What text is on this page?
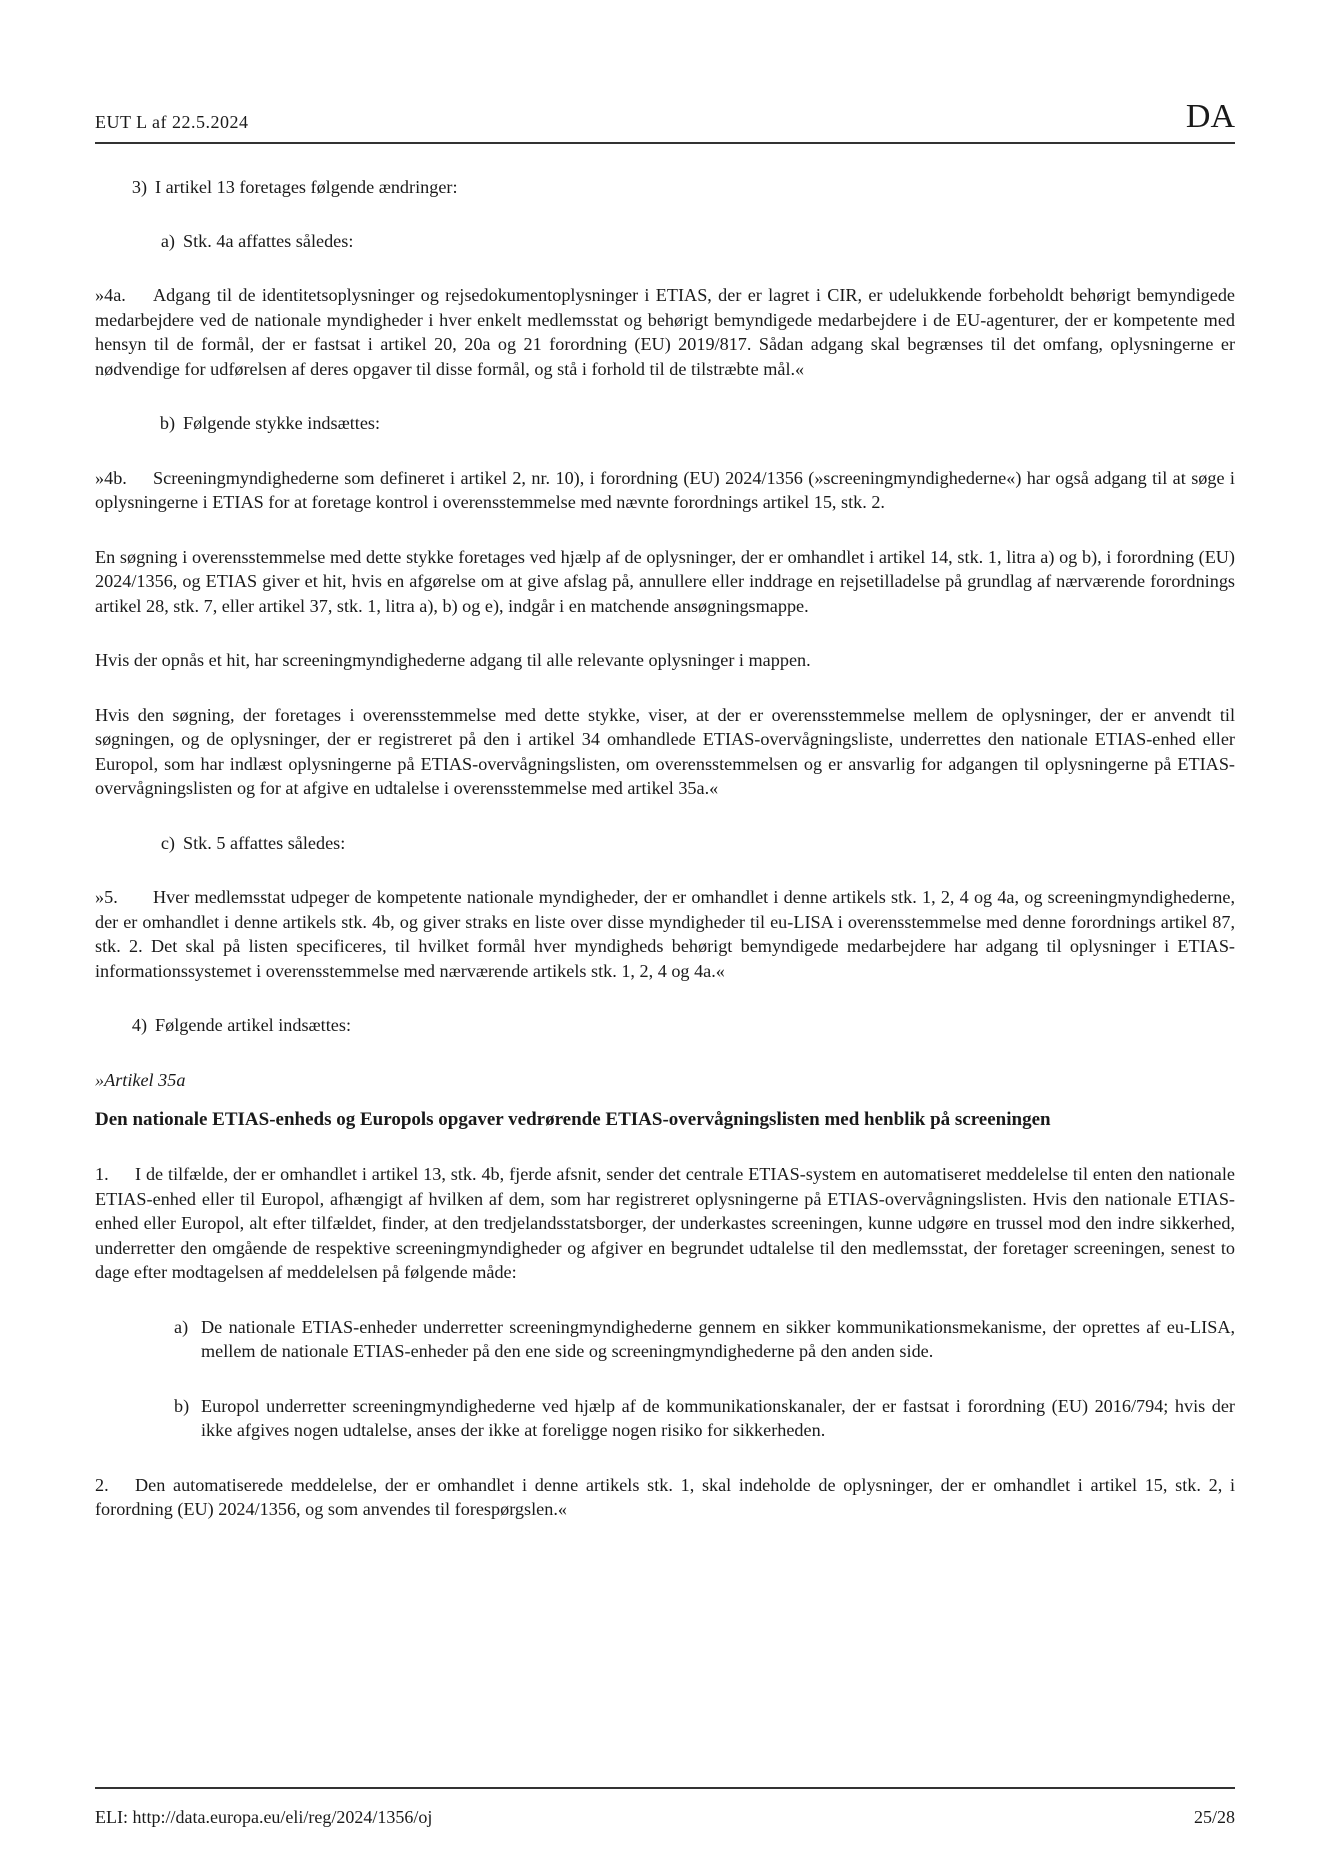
EUT L af 22.5.2024	DA
3) I artikel 13 foretages følgende ændringer:
a) Stk. 4a affattes således:

»4a. Adgang til de identitetsoplysninger og rejsedokumentoplysninger i ETIAS, der er lagret i CIR, er udelukkende forbeholdt behørigt bemyndigede medarbejdere ved de nationale myndigheder i hver enkelt medlemsstat og behørigt bemyndigede medarbejdere i de EU-agenturer, der er kompetente med hensyn til de formål, der er fastsat i artikel 20, 20a og 21 forordning (EU) 2019/817. Sådan adgang skal begrænses til det omfang, oplysningerne er nødvendige for udførelsen af deres opgaver til disse formål, og stå i forhold til de tilstræbte mål.«

b) Følgende stykke indsættes:

»4b. Screeningmyndighederne som defineret i artikel 2, nr. 10), i forordning (EU) 2024/1356 (»screeningmyndighederne«) har også adgang til at søge i oplysningerne i ETIAS for at foretage kontrol i overensstemmelse med nævnte forordnings artikel 15, stk. 2.

En søgning i overensstemmelse med dette stykke foretages ved hjælp af de oplysninger, der er omhandlet i artikel 14, stk. 1, litra a) og b), i forordning (EU) 2024/1356, og ETIAS giver et hit, hvis en afgørelse om at give afslag på, annullere eller inddrage en rejsetilladelse på grundlag af nærværende forordnings artikel 28, stk. 7, eller artikel 37, stk. 1, litra a), b) og e), indgår i en matchende ansøgningsmappe.

Hvis der opnås et hit, har screeningmyndighederne adgang til alle relevante oplysninger i mappen.

Hvis den søgning, der foretages i overensstemmelse med dette stykke, viser, at der er overensstemmelse mellem de oplysninger, der er anvendt til søgningen, og de oplysninger, der er registreret på den i artikel 34 omhandlede ETIAS-overvågningsliste, underrettes den nationale ETIAS-enhed eller Europol, som har indlæst oplysningerne på ETIAS-overvågningslisten, om overensstemmelsen og er ansvarlig for adgangen til oplysningerne på ETIAS-overvågningslisten og for at afgive en udtalelse i overensstemmelse med artikel 35a.«

c) Stk. 5 affattes således:

»5. Hver medlemsstat udpeger de kompetente nationale myndigheder, der er omhandlet i denne artikels stk. 1, 2, 4 og 4a, og screeningmyndighederne, der er omhandlet i denne artikels stk. 4b, og giver straks en liste over disse myndigheder til eu-LISA i overensstemmelse med denne forordnings artikel 87, stk. 2. Det skal på listen specificeres, til hvilket formål hver myndigheds behørigt bemyndigede medarbejdere har adgang til oplysninger i ETIAS-informationssystemet i overensstemmelse med nærværende artikels stk. 1, 2, 4 og 4a.«

4) Følgende artikel indsættes:

»Artikel 35a

Den nationale ETIAS-enheds og Europols opgaver vedrørende ETIAS-overvågningslisten med henblik på screeningen

1. I de tilfælde, der er omhandlet i artikel 13, stk. 4b, fjerde afsnit, sender det centrale ETIAS-system en automatiseret meddelelse til enten den nationale ETIAS-enhed eller til Europol, afhængigt af hvilken af dem, som har registreret oplysningerne på ETIAS-overvågningslisten. Hvis den nationale ETIAS-enhed eller Europol, alt efter tilfældet, finder, at den tredjelandsstatsborger, der underkastes screeningen, kunne udgøre en trussel mod den indre sikkerhed, underretter den omgående de respektive screeningmyndigheder og afgiver en begrundet udtalelse til den medlemsstat, der foretager screeningen, senest to dage efter modtagelsen af meddelelsen på følgende måde:

a) De nationale ETIAS-enheder underretter screeningmyndighederne gennem en sikker kommunikationsmekanisme, der oprettes af eu-LISA, mellem de nationale ETIAS-enheder på den ene side og screeningmyndighederne på den anden side.
b) Europol underretter screeningmyndighederne ved hjælp af de kommunikationskanaler, der er fastsat i forordning (EU) 2016/794; hvis der ikke afgives nogen udtalelse, anses der ikke at foreligge nogen risiko for sikkerheden.

2. Den automatiserede meddelelse, der er omhandlet i denne artikels stk. 1, skal indeholde de oplysninger, der er omhandlet i artikel 15, stk. 2, i forordning (EU) 2024/1356, og som anvendes til forespørgslen.«

ELI: http://data.europa.eu/eli/reg/2024/1356/oj	25/28
